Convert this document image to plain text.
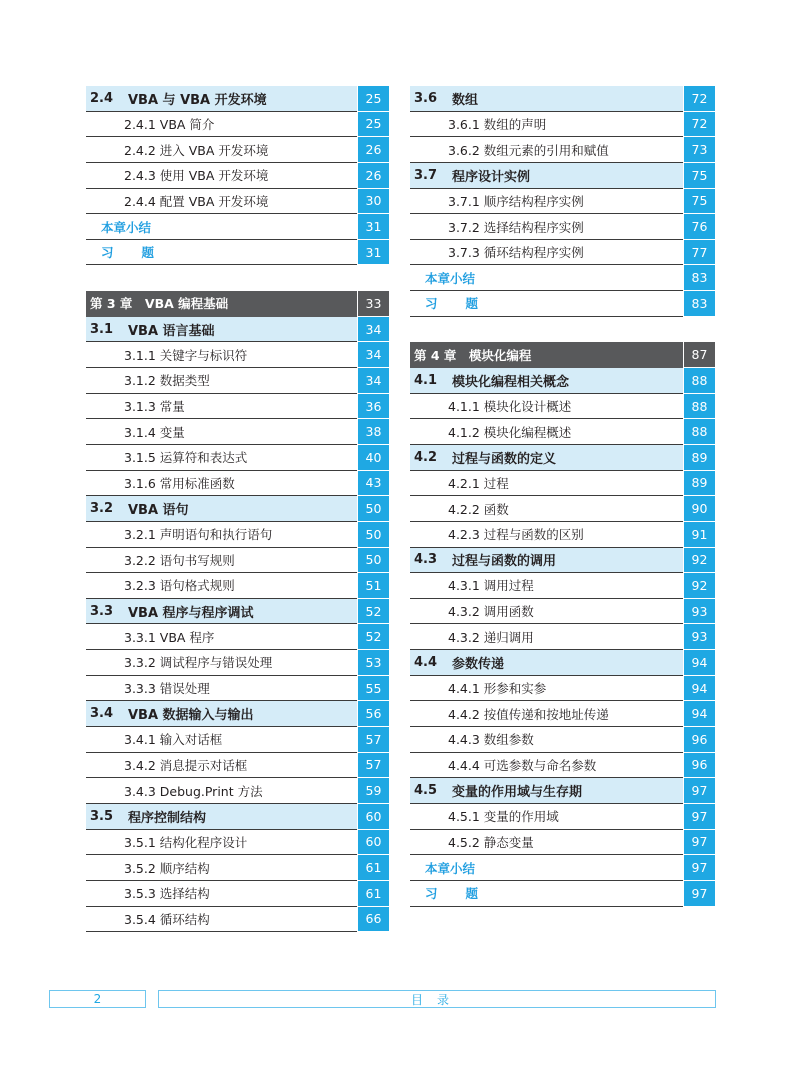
2.4	VBA 与 VBA 开发环境	25
2.4.1 VBA 简介	25
2.4.2 进入 VBA 开发环境	26
2.4.3 使用 VBA 开发环境	26
2.4.4 配置 VBA 开发环境	30
本章小结	31
习题	31
第 3 章　VBA 编程基础	33
3.1	VBA 语言基础	34
3.1.1 关键字与标识符	34
3.1.2 数据类型	34
3.1.3 常量	36
3.1.4 变量	38
3.1.5 运算符和表达式	40
3.1.6 常用标准函数	43
3.2	VBA 语句	50
3.2.1 声明语句和执行语句	50
3.2.2 语句书写规则	50
3.2.3 语句格式规则	51
3.3	VBA 程序与程序调试	52
3.3.1 VBA 程序	52
3.3.2 调试程序与错误处理	53
3.3.3 错误处理	55
3.4	VBA 数据输入与输出	56
3.4.1 输入对话框	57
3.4.2 消息提示对话框	57
3.4.3 Debug.Print 方法	59
3.5	程序控制结构	60
3.5.1 结构化程序设计	60
3.5.2 顺序结构	61
3.5.3 选择结构	61
3.5.4 循环结构	66
3.6	数组	72
3.6.1 数组的声明	72
3.6.2 数组元素的引用和赋值	73
3.7	程序设计实例	75
3.7.1 顺序结构程序实例	75
3.7.2 选择结构程序实例	76
3.7.3 循环结构程序实例	77
本章小结	83
习题	83
第 4 章　模块化编程	87
4.1	模块化编程相关概念	88
4.1.1 模块化设计概述	88
4.1.2 模块化编程概述	88
4.2	过程与函数的定义	89
4.2.1 过程	89
4.2.2 函数	90
4.2.3 过程与函数的区别	91
4.3	过程与函数的调用	92
4.3.1 调用过程	92
4.3.2 调用函数	93
4.3.2 递归调用	93
4.4	参数传递	94
4.4.1 形参和实参	94
4.4.2 按值传递和按地址传递	94
4.4.3 数组参数	96
4.4.4 可选参数与命名参数	96
4.5	变量的作用域与生存期	97
4.5.1 变量的作用域	97
4.5.2 静态变量	97
本章小结	97
习题	97
2	目录
